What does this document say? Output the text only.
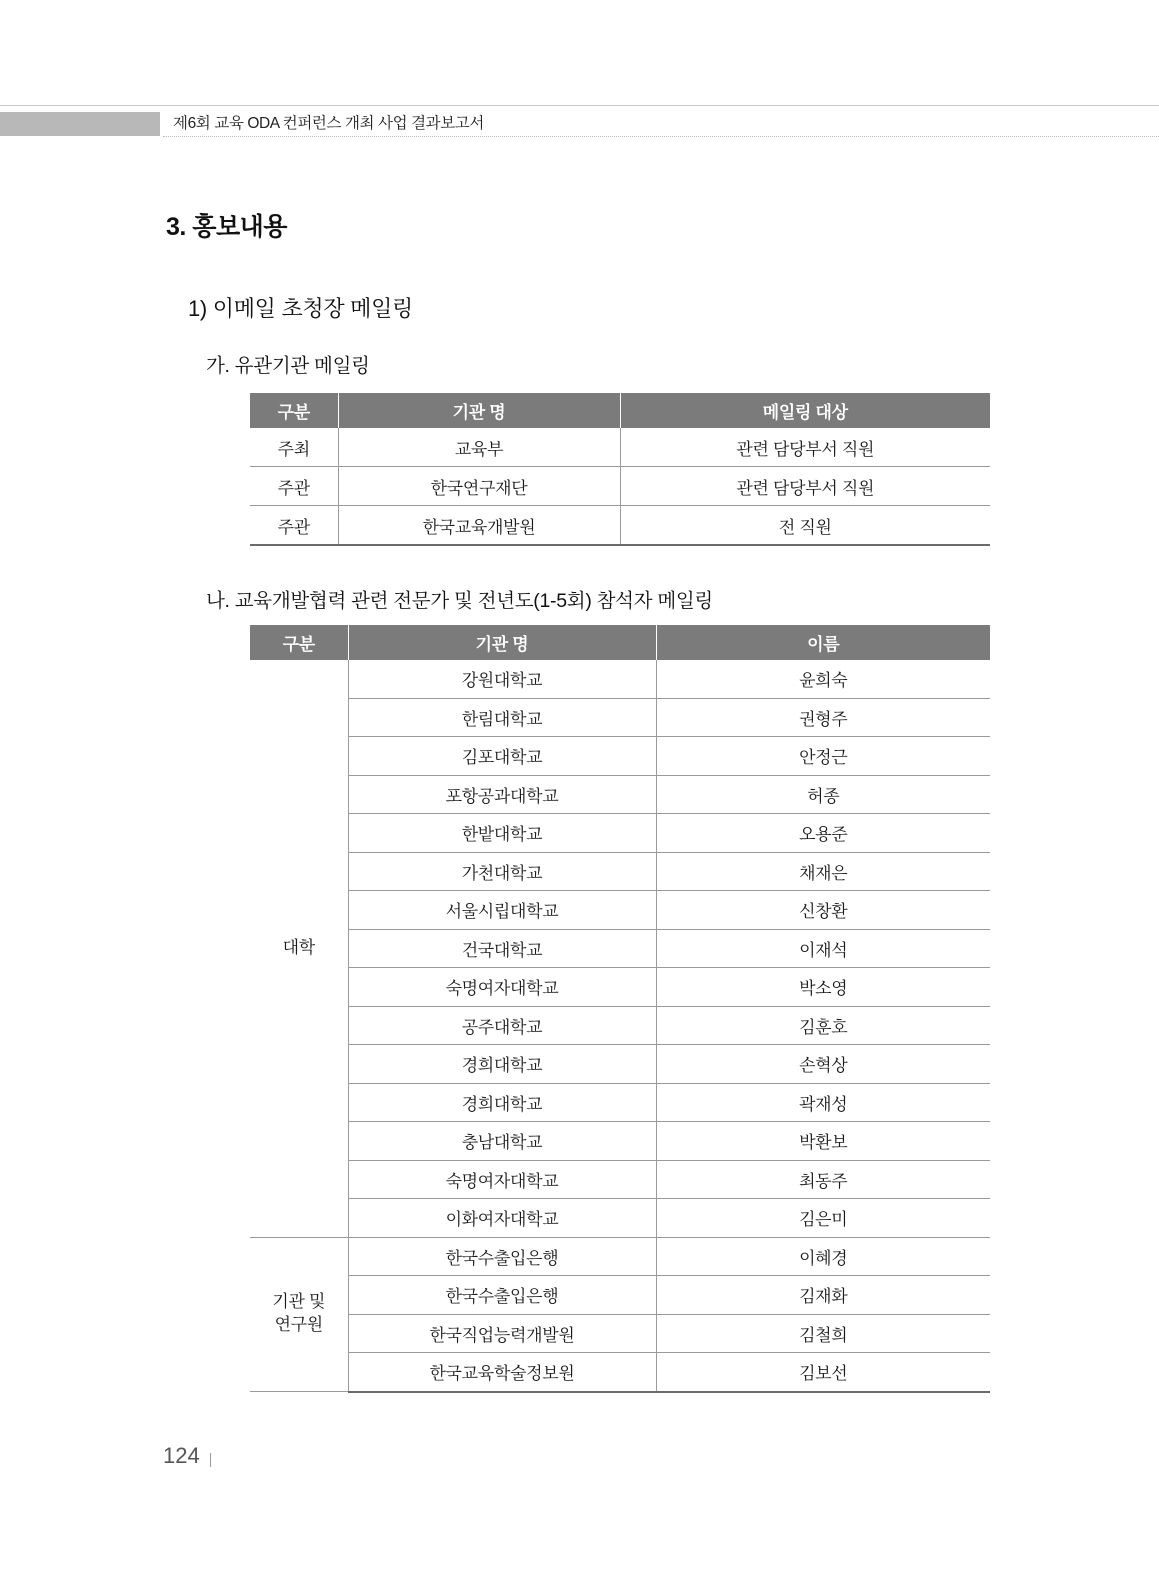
제6회 교육 ODA 컨퍼런스 개최 사업 결과보고서
3. 홍보내용
1) 이메일 초청장 메일링
가. 유관기관 메일링
나. 교육개발협력 관련 전문가 및 전년도(1-5회) 참석자 메일링
구분	기관 명	메일링 대상
주최	교육부	관련 담당부서 직원
주관	한국연구재단	관련 담당부서 직원
주관	한국교육개발원	전 직원
구분	기관 명	이름
대학	강원대학교	윤희숙
	한림대학교	권형주
	김포대학교	안정근
	포항공과대학교	허종
	한밭대학교	오용준
	가천대학교	채재은
	서울시립대학교	신창환
	건국대학교	이재석
	숙명여자대학교	박소영
	공주대학교	김훈호
	경희대학교	손혁상
	경희대학교	곽재성
	충남대학교	박환보
	숙명여자대학교	최동주
	이화여자대학교	김은미
기관 및
연구원	한국수출입은행	이혜경
	한국수출입은행	김재화
	한국직업능력개발원	김철희
	한국교육학술정보원	김보선
124
